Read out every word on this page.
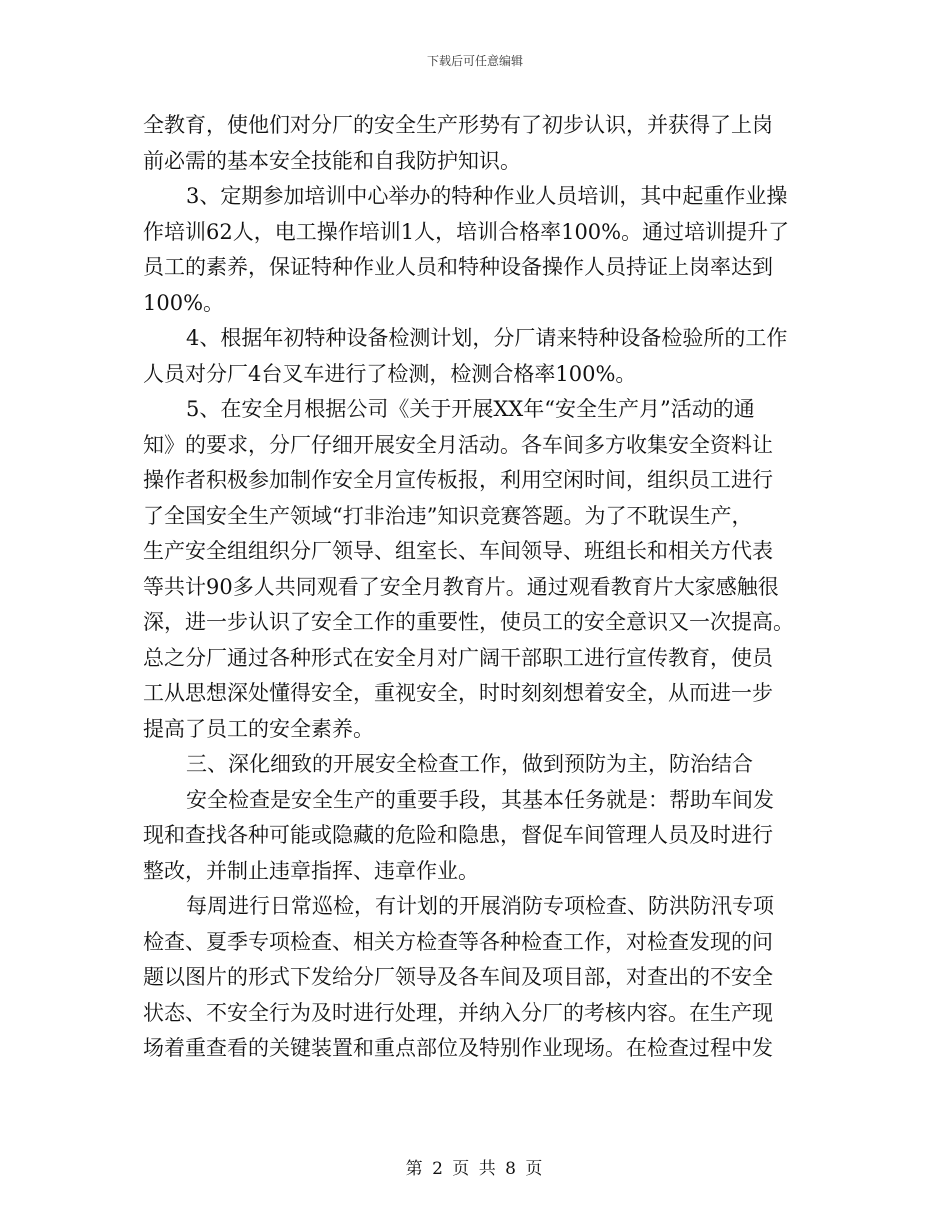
下载后可任意编辑
全教育，使他们对分厂的安全生产形势有了初步认识，并获得了上岗
前必需的基本安全技能和自我防护知识。
3、定期参加培训中心举办的特种作业人员培训，其中起重作业操
作培训62人，电工操作培训1人，培训合格率100%。通过培训提升了
员工的素养，保证特种作业人员和特种设备操作人员持证上岗率达到
100%。
4、根据年初特种设备检测计划，分厂请来特种设备检验所的工作
人员对分厂4台叉车进行了检测，检测合格率100%。
5、在安全月根据公司《关于开展XX年“安全生产月”活动的通
知》的要求，分厂仔细开展安全月活动。各车间多方收集安全资料让
操作者积极参加制作安全月宣传板报，利用空闲时间，组织员工进行
了全国安全生产领域“打非治违”知识竞赛答题。为了不耽误生产，
生产安全组组织分厂领导、组室长、车间领导、班组长和相关方代表
等共计90多人共同观看了安全月教育片。通过观看教育片大家感触很
深，进一步认识了安全工作的重要性，使员工的安全意识又一次提高。
总之分厂通过各种形式在安全月对广阔干部职工进行宣传教育，使员
工从思想深处懂得安全，重视安全，时时刻刻想着安全，从而进一步
提高了员工的安全素养。
三、深化细致的开展安全检查工作，做到预防为主，防治结合
安全检查是安全生产的重要手段，其基本任务就是：帮助车间发
现和查找各种可能或隐藏的危险和隐患，督促车间管理人员及时进行
整改，并制止违章指挥、违章作业。
每周进行日常巡检，有计划的开展消防专项检查、防洪防汛专项
检查、夏季专项检查、相关方检查等各种检查工作，对检查发现的问
题以图片的形式下发给分厂领导及各车间及项目部，对查出的不安全
状态、不安全行为及时进行处理，并纳入分厂的考核内容。在生产现
场着重查看的关键装置和重点部位及特别作业现场。在检查过程中发
第 2 页 共 8 页
